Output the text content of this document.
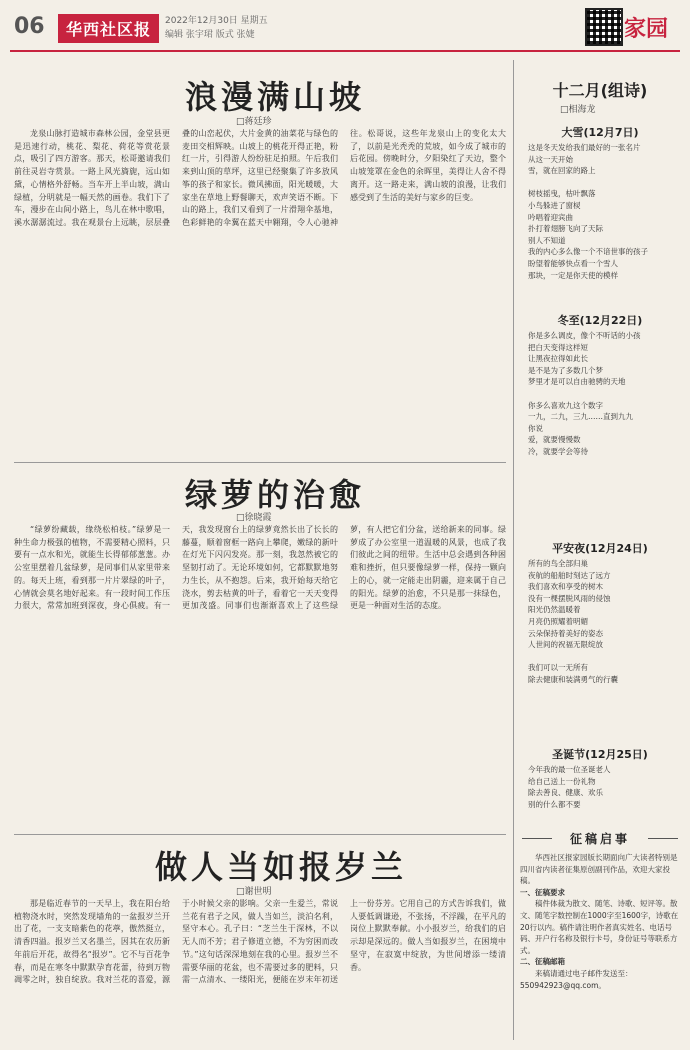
06	华西社区报	2022年12月30日 星期五
编辑 张宇珺 版式 张婕	家园
浪漫满山坡
□蒋廷珍

龙泉山脉打造城市森林公园，金堂县更是迅速行动，桃花、梨花、荷花等赏花景点，吸引了四方游客。那天，松哥邀请我们前往灵岩寺赏景。一路上风光旖旎，远山如黛，心情格外舒畅。当车开上半山坡，满山绿植，分明就是一幅天然的画卷。我们下了车，漫步在山间小路上，鸟儿在林中歌唱，溪水潺潺流过。我在观景台上远眺，层层叠叠的山峦起伏，大片金黄的油菜花与绿色的麦田交相辉映。山坡上的桃花开得正艳，粉红一片，引得游人纷纷驻足拍照。午后我们来到山顶的草坪，这里已经聚集了许多放风筝的孩子和家长。微风拂面，阳光暖暖，大家坐在草地上野餐聊天，欢声笑语不断。下山的路上，我们又看到了一片滑翔伞基地，色彩鲜艳的伞翼在蓝天中翱翔，令人心驰神往。松哥说，这些年龙泉山上的变化太大了，以前是光秃秃的荒坡，如今成了城市的后花园。傍晚时分，夕阳染红了天边，整个山坡笼罩在金色的余晖里，美得让人舍不得离开。这一路走来，满山坡的浪漫，让我们感受到了生活的美好与家乡的巨变。

绿萝的治愈
□徐晓霞

“绿萝纷藏载，缘绕松柏枝。”绿萝是一种生命力极强的植物，不需要精心照料，只要有一点水和光，就能生长得郁郁葱葱。办公室里摆着几盆绿萝，是同事们从家里带来的。每天上班，看到那一片片翠绿的叶子，心情就会莫名地好起来。有一段时间工作压力很大，常常加班到深夜，身心俱疲。有一天，我发现窗台上的绿萝竟然长出了长长的藤蔓，顺着窗框一路向上攀爬，嫩绿的新叶在灯光下闪闪发亮。那一刻，我忽然被它的坚韧打动了。无论环境如何，它都默默地努力生长，从不抱怨。后来，我开始每天给它浇水，剪去枯黄的叶子，看着它一天天变得更加茂盛。同事们也渐渐喜欢上了这些绿萝，有人把它们分盆，送给新来的同事。绿萝成了办公室里一道温暖的风景，也成了我们彼此之间的纽带。生活中总会遇到各种困难和挫折，但只要像绿萝一样，保持一颗向上的心，就一定能走出阴霾，迎来属于自己的阳光。绿萝的治愈，不只是那一抹绿色，更是一种面对生活的态度。

做人当如报岁兰
□谢世明

那是临近春节的一天早上，我在阳台给植物浇水时，突然发现墙角的一盆报岁兰开出了花，一支支暗紫色的花葶，傲然挺立，清香四溢。报岁兰又名墨兰，因其在农历新年前后开花，故得名“报岁”。它不与百花争春，而是在寒冬中默默孕育花蕾，待到万物凋零之时，独自绽放。我对兰花的喜爱，源于小时候父亲的影响。父亲一生爱兰，常说兰花有君子之风，做人当如兰，淡泊名利，坚守本心。孔子曰：“芝兰生于深林，不以无人而不芳；君子修道立德，不为穷困而改节。”这句话深深地刻在我的心里。报岁兰不需要华丽的花盆，也不需要过多的肥料，只需一点清水、一缕阳光，便能在岁末年初送上一份芬芳。它用自己的方式告诉我们，做人要低调谦逊，不张扬，不浮躁，在平凡的岗位上默默奉献。小小报岁兰，给我们的启示却是深远的。做人当如报岁兰，在困境中坚守，在寂寞中绽放，为世间增添一缕清香。

十二月(组诗)
□相海龙
大雪(12月7日)
这是冬天发给我们最好的一张名片
从这一天开始
雪，就在回家的路上

树枝摇曳，枯叶飘落
小鸟躲进了窗棂
吟唱着迎宾曲
扑打着翅膀飞向了天际
别人不知道
我的内心多么像一个不谙世事的孩子
盼望着能够快点看一个雪人
那块，一定是你天使的模样
冬至(12月22日)
你是多么调皮，像个不听话的小孩
把白天变得这样短
让黑夜拉得如此长
是不是为了多数几个梦
梦里才是可以自由驰骋的天地

你多么喜欢九这个数字
一九，二九，三九……直到九九
你说
爱，就要慢慢数
冷，就要学会等待
平安夜(12月24日)
所有的鸟全部归巢
夜航的船舶时刻达了远方
我们喜欢和享受的树木
没有一棵摆脱风雨的侵蚀
阳光仍然温暖着
月亮仍照耀着明媚
云朵保持着美好的姿态
人世间的祝福无限绽放

我们可以一无所有
除去健康和装满勇气的行囊
圣诞节(12月25日)
今年我的最一位圣诞老人
给自己送上一份礼物
除去善良、健康、欢乐
别的什么都不要
征稿启事

华西社区报家园版长期面向广大读者特别是四川省内读者征集原创副刊作品，欢迎大家投稿。

一、征稿要求

稿件体裁为散文、随笔、诗歌、短评等。散文、随笔字数控制在1000字至1600字，诗歌在20行以内。稿件请注明作者真实姓名、电话号码、开户行名称及银行卡号，身份证号等联系方式。

二、征稿邮箱

来稿请通过电子邮件发送至：550942923@qq.com。
